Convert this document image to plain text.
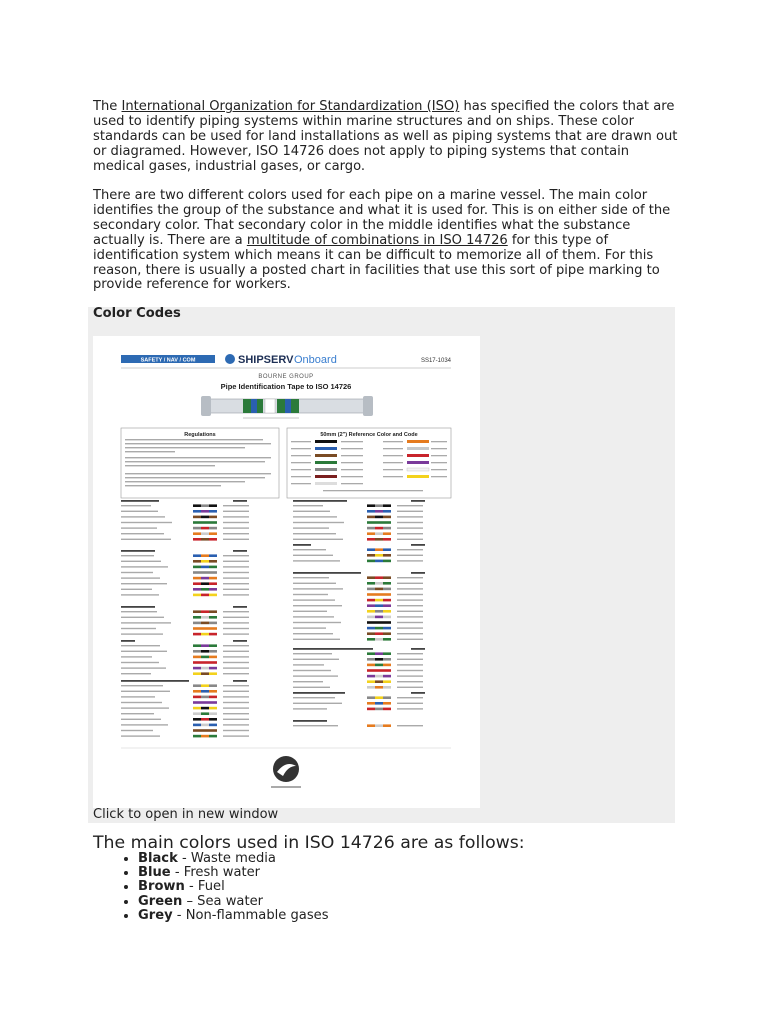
The International Organization for Standardization (ISO) has specified the colors that are used to identify piping systems within marine structures and on ships. These color standards can be used for land installations as well as piping systems that are drawn out or diagramed. However, ISO 14726 does not apply to piping systems that contain medical gases, industrial gases, or cargo.

There are two different colors used for each pipe on a marine vessel. The main color identifies the group of the substance and what it is used for. This is on either side of the secondary color. That secondary color in the middle identifies what the substance actually is. There are a multitude of combinations in ISO 14726 for this type of identification system which means it can be difficult to memorize all of them. For this reason, there is usually a posted chart in facilities that use this sort of pipe marking to provide reference for workers.

Color Codes
SAFETY / NAV / COM	SHIPSERV Onboard	SS17-1034
BOURNE GROUP
Pipe Identification Tape to ISO 14726
Regulations	50mm (2") Reference Color and Code

Click to open in new window

The main colors used in ISO 14726 are as follows:
• Black - Waste media
• Blue - Fresh water
• Brown - Fuel
• Green – Sea water
• Grey - Non-flammable gases
